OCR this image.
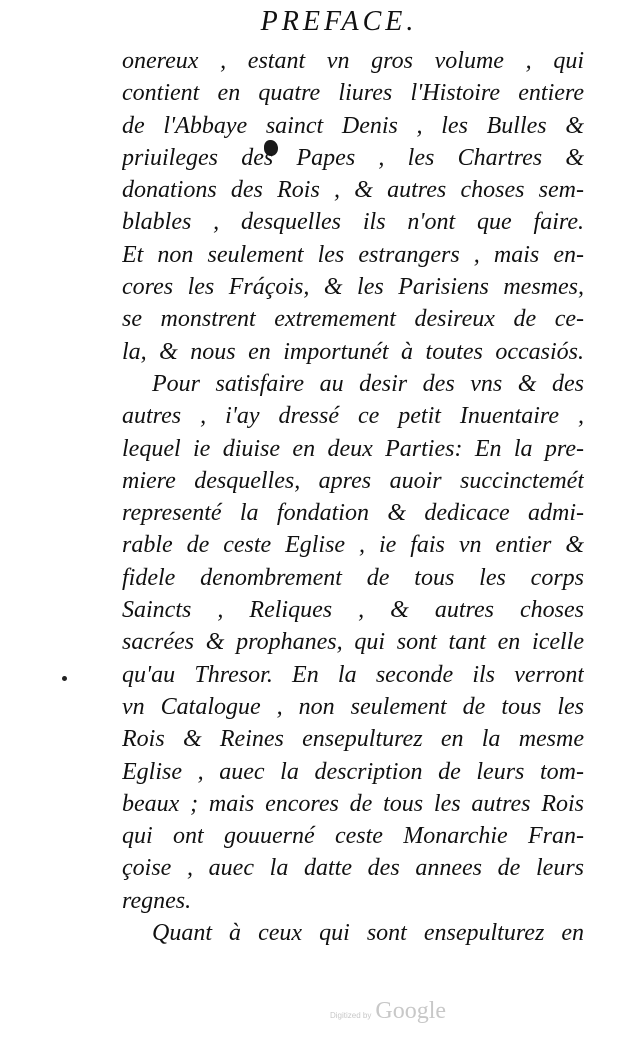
PREFACE.
onereux , estant vn gros volume , qui
contient en quatre liures l'Histoire entiere
de l'Abbaye sainct Denis , les Bulles &
priuileges des Papes , les Chartres &
donations des Rois , & autres choses sem-
blables , desquelles ils n'ont que faire.
Et non seulement les estrangers , mais en-
cores les Fráçois, & les Parisiens mesmes,
se monstrent extremement desireux de ce-
la, & nous en importunét à toutes occasiós.
Pour satisfaire au desir des vns & des
autres , i'ay dressé ce petit Inuentaire ,
lequel ie diuise en deux Parties: En la pre-
miere desquelles, apres auoir succinctemét
representé la fondation & dedicace admi-
rable de ceste Eglise , ie fais vn entier &
fidele denombrement de tous les corps
Saincts , Reliques , & autres choses
sacrées & prophanes, qui sont tant en icelle
qu'au Thresor. En la seconde ils verront
vn Catalogue , non seulement de tous les
Rois & Reines ensepulturez en la mesme
Eglise , auec la description de leurs tom-
beaux ; mais encores de tous les autres Rois
qui ont gouuerné ceste Monarchie Fran-
çoise , auec la datte des annees de leurs
regnes.
Quant à ceux qui sont ensepulturez en
Digitized by Google
